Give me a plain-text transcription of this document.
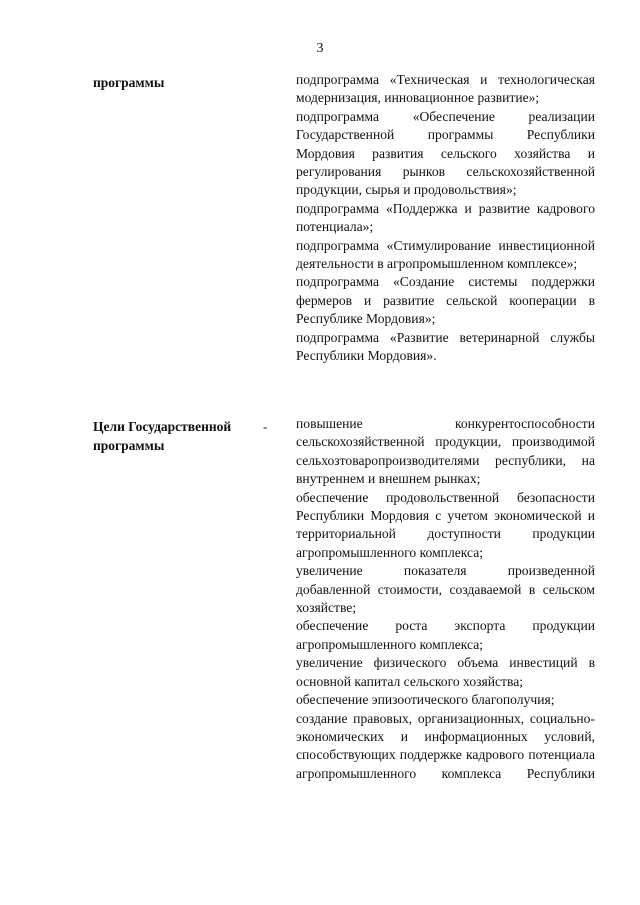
3
программы	подпрограмма «Техническая и технологическая модернизация, инновационное развитие»;
подпрограмма «Обеспечение реализации Государственной программы Республики Мордовия развития сельского хозяйства и регулирования рынков сельскохозяйственной продукции, сырья и продовольствия»;
подпрограмма «Поддержка и развитие кадрового потенциала»;
подпрограмма «Стимулирование инвестиционной деятельности в агропромышленном комплексе»;
подпрограмма «Создание системы поддержки фермеров и развитие сельской кооперации в Республике Мордовия»;
подпрограмма «Развитие ветеринарной службы Республики Мордовия».
Цели Государственной программы
- повышение конкурентоспособности сельскохозяйственной продукции, производимой сельхозтоваропроизводителями республики, на внутреннем и внешнем рынках;
обеспечение продовольственной безопасности Республики Мордовия с учетом экономической и территориальной доступности продукции агропромышленного комплекса;
увеличение показателя произведенной добавленной стоимости, создаваемой в сельском хозяйстве;
обеспечение роста экспорта продукции агропромышленного комплекса;
увеличение физического объема инвестиций в основной капитал сельского хозяйства;
обеспечение эпизоотического благополучия;
создание правовых, организационных, социально-экономических и информационных условий, способствующих поддержке кадрового потенциала агропромышленного комплекса Республики
